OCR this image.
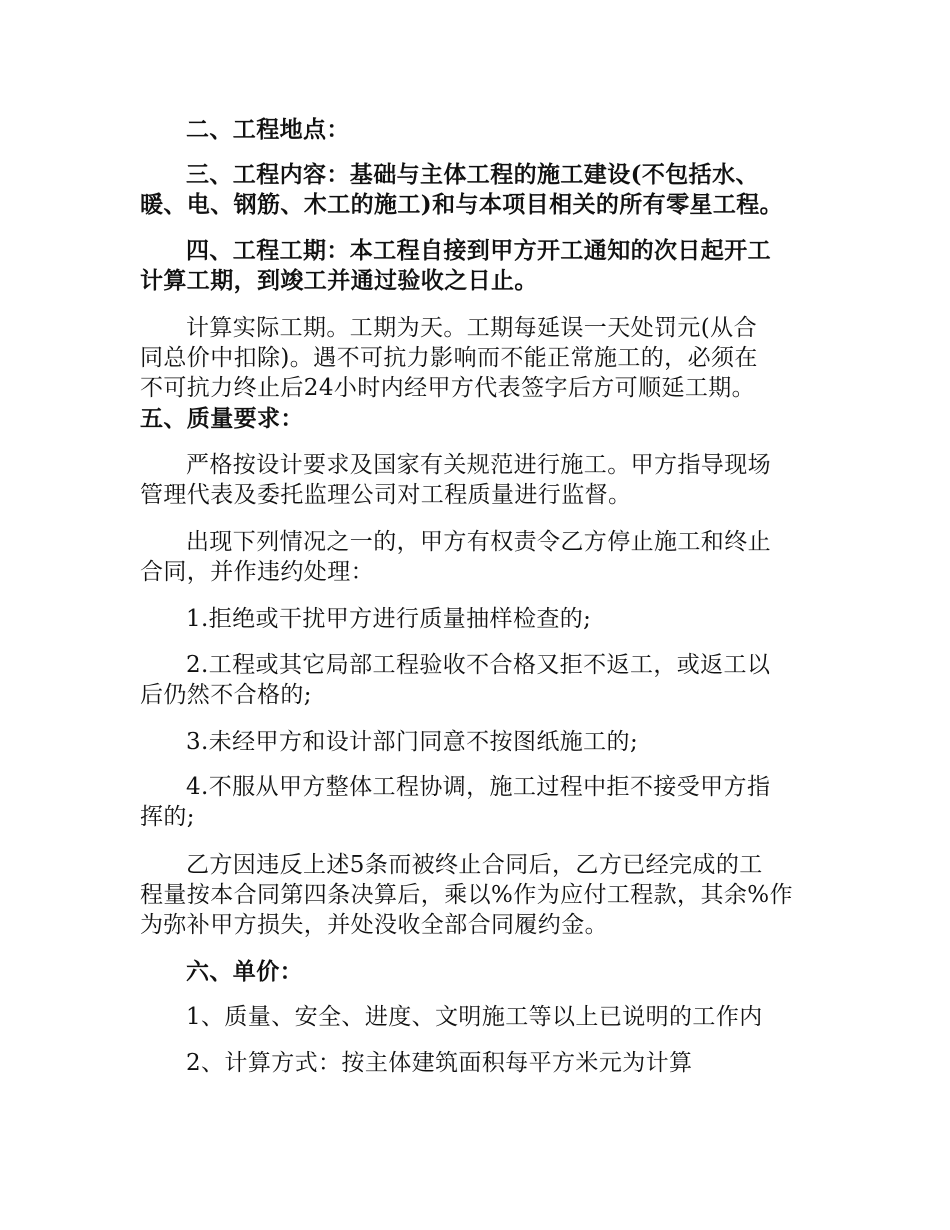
二、工程地点：
三、工程内容：基础与主体工程的施工建设(不包括水、
暖、电、钢筋、木工的施工)和与本项目相关的所有零星工程。
四、工程工期：本工程自接到甲方开工通知的次日起开工
计算工期，到竣工并通过验收之日止。
计算实际工期。工期为天。工期每延误一天处罚元(从合
同总价中扣除)。遇不可抗力影响而不能正常施工的，必须在
不可抗力终止后24小时内经甲方代表签字后方可顺延工期。
五、质量要求：
严格按设计要求及国家有关规范进行施工。甲方指导现场
管理代表及委托监理公司对工程质量进行监督。
出现下列情况之一的，甲方有权责令乙方停止施工和终止
合同，并作违约处理：
1.拒绝或干扰甲方进行质量抽样检查的;
2.工程或其它局部工程验收不合格又拒不返工，或返工以
后仍然不合格的;
3.未经甲方和设计部门同意不按图纸施工的;
4.不服从甲方整体工程协调，施工过程中拒不接受甲方指
挥的;
乙方因违反上述5条而被终止合同后，乙方已经完成的工
程量按本合同第四条决算后，乘以%作为应付工程款，其余%作
为弥补甲方损失，并处没收全部合同履约金。
六、单价：
1、质量、安全、进度、文明施工等以上已说明的工作内
2、计算方式：按主体建筑面积每平方米元为计算
